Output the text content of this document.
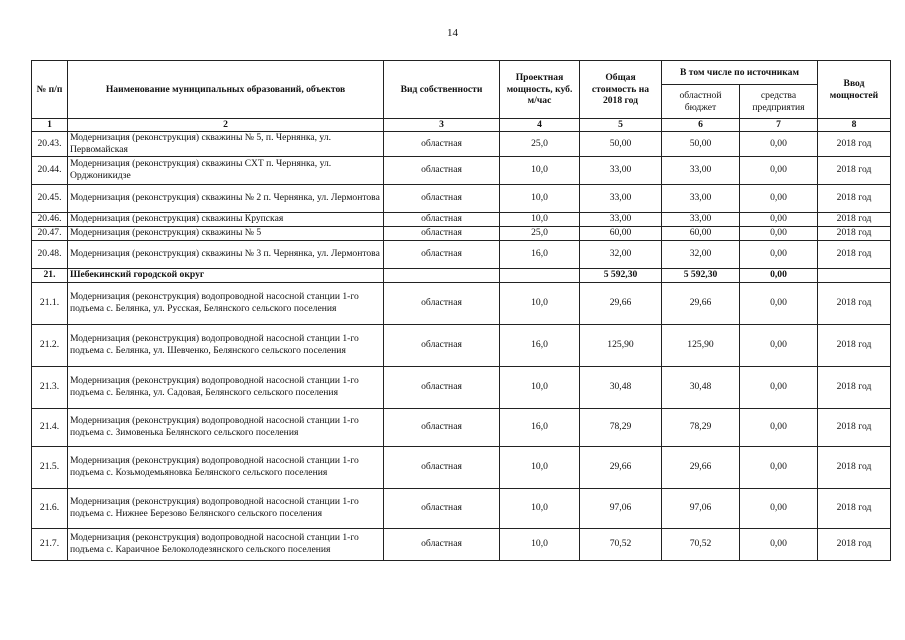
14
№ п/п	Наименование муниципальных образований, объектов	Вид собственности	Проектная мощность, куб. м/час	Общая стоимость на 2018 год	В том числе по источникам		Ввод мощностей
					областной бюджет	средства предприятия	
1	2	3	4	5	6	7	8
20.43.	Модернизация (реконструкция) скважины № 5, п. Чернянка, ул. Первомайская	областная	25,0	50,00	50,00	0,00	2018 год
20.44.	Модернизация (реконструкция) скважины СХТ п. Чернянка, ул. Орджоникидзе	областная	10,0	33,00	33,00	0,00	2018 год
20.45.	Модернизация (реконструкция) скважины № 2 п. Чернянка, ул. Лермонтова	областная	10,0	33,00	33,00	0,00	2018 год
20.46.	Модернизация (реконструкция) скважины Крупская	областная	10,0	33,00	33,00	0,00	2018 год
20.47.	Модернизация (реконструкция) скважины № 5	областная	25,0	60,00	60,00	0,00	2018 год
20.48.	Модернизация (реконструкция) скважины № 3 п. Чернянка, ул. Лермонтова	областная	16,0	32,00	32,00	0,00	2018 год
21.	Шебекинский городской округ			5 592,30	5 592,30	0,00	
21.1.	Модернизация (реконструкция) водопроводной насосной станции 1-го подъема с. Белянка, ул. Русская, Белянского сельского поселения	областная	10,0	29,66	29,66	0,00	2018 год
21.2.	Модернизация (реконструкция) водопроводной насосной станции 1-го подъема с. Белянка, ул. Шевченко, Белянского сельского поселения	областная	16,0	125,90	125,90	0,00	2018 год
21.3.	Модернизация (реконструкция) водопроводной насосной станции 1-го подъема с. Белянка, ул. Садовая, Белянского сельского поселения	областная	10,0	30,48	30,48	0,00	2018 год
21.4.	Модернизация (реконструкция) водопроводной насосной станции 1-го подъема с. Зимовенька Белянского сельского поселения	областная	16,0	78,29	78,29	0,00	2018 год
21.5.	Модернизация (реконструкция) водопроводной насосной станции 1-го подъема с. Козьмодемьяновка Белянского сельского поселения	областная	10,0	29,66	29,66	0,00	2018 год
21.6.	Модернизация (реконструкция) водопроводной насосной станции 1-го подъема с. Нижнее Березово Белянского сельского поселения	областная	10,0	97,06	97,06	0,00	2018 год
21.7.	Модернизация (реконструкция) водопроводной насосной станции 1-го подъема с. Караичное Белоколодезянского сельского поселения	областная	10,0	70,52	70,52	0,00	2018 год
